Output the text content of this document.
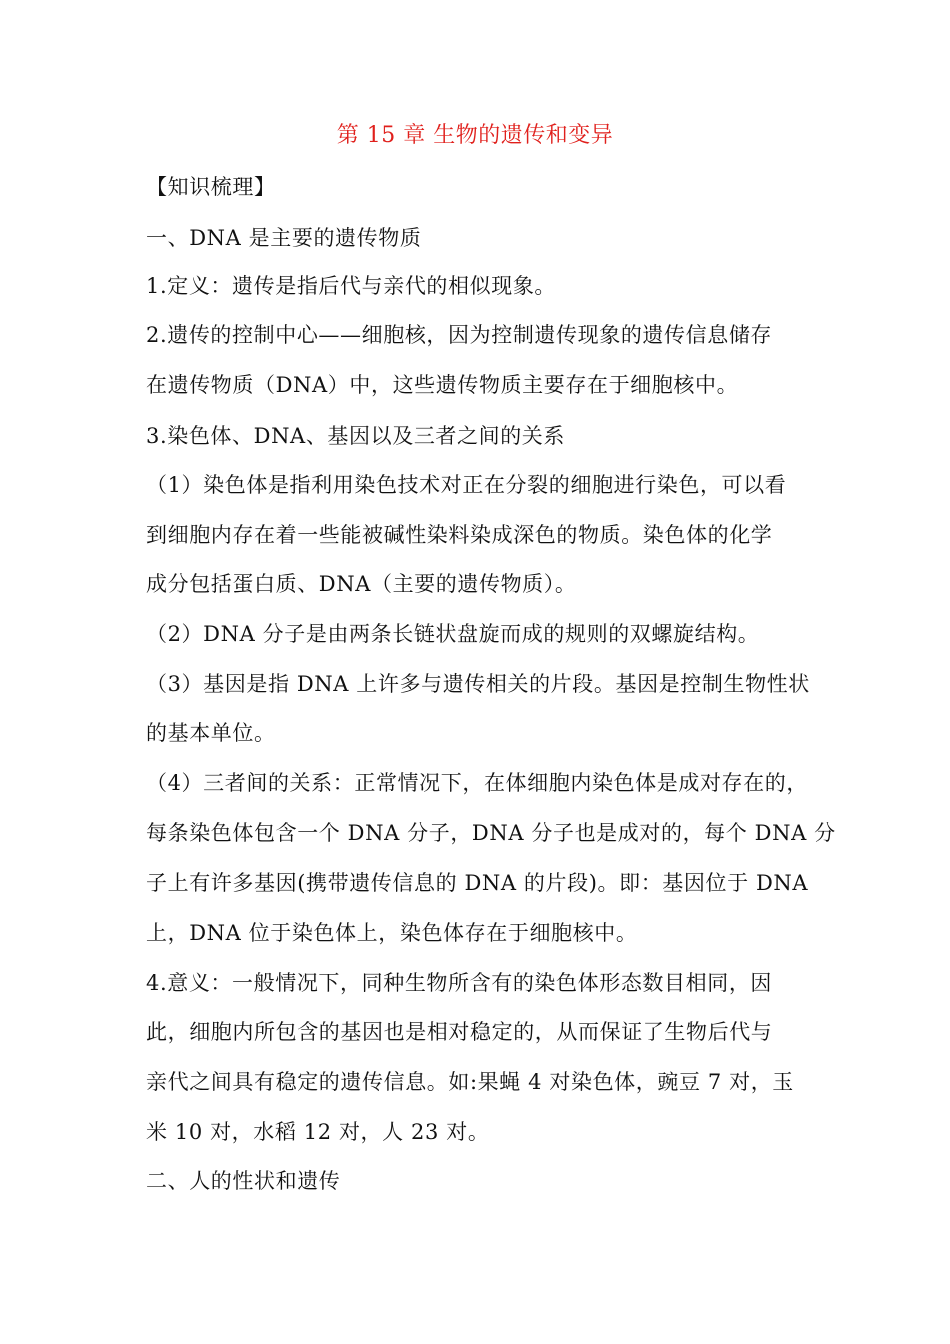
第 15 章 生物的遗传和变异
【知识梳理】
一、DNA 是主要的遗传物质
1.定义：遗传是指后代与亲代的相似现象。
2.遗传的控制中心——细胞核，因为控制遗传现象的遗传信息储存
在遗传物质（DNA）中，这些遗传物质主要存在于细胞核中。
3.染色体、DNA、基因以及三者之间的关系
（1）染色体是指利用染色技术对正在分裂的细胞进行染色，可以看
到细胞内存在着一些能被碱性染料染成深色的物质。染色体的化学
成分包括蛋白质、DNA（主要的遗传物质）。
（2）DNA 分子是由两条长链状盘旋而成的规则的双螺旋结构。
（3）基因是指 DNA 上许多与遗传相关的片段。基因是控制生物性状
的基本单位。
（4）三者间的关系：正常情况下，在体细胞内染色体是成对存在的，
每条染色体包含一个 DNA 分子，DNA 分子也是成对的，每个 DNA 分
子上有许多基因(携带遗传信息的 DNA 的片段)。即：基因位于 DNA
上，DNA 位于染色体上，染色体存在于细胞核中。
4.意义：一般情况下，同种生物所含有的染色体形态数目相同，因
此，细胞内所包含的基因也是相对稳定的，从而保证了生物后代与
亲代之间具有稳定的遗传信息。如:果蝇 4 对染色体，豌豆 7 对，玉
米 10 对，水稻 12 对，人 23 对。
二、人的性状和遗传
